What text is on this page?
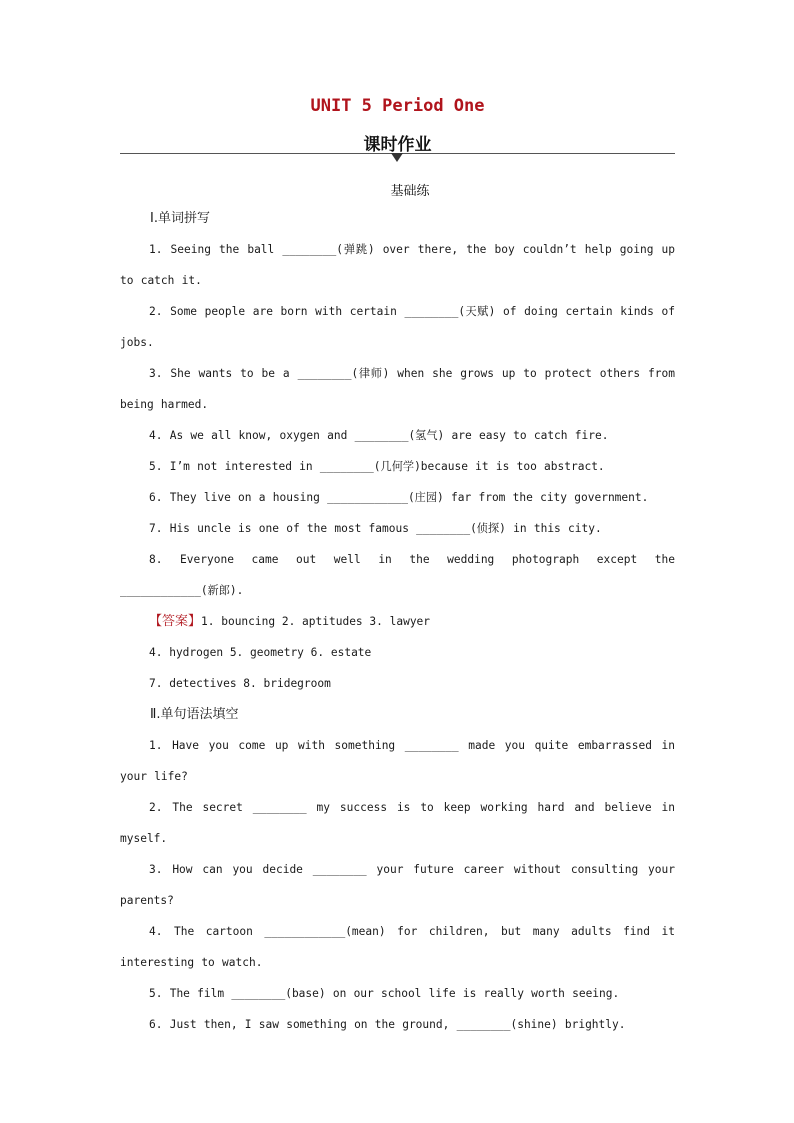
UNIT 5 Period One
课时作业
基础练
Ⅰ.单词拼写
1. Seeing the ball ________(弹跳) over there, the boy couldn’t help going up to catch it.
2. Some people are born with certain ________(天赋) of doing certain kinds of jobs.
3. She wants to be a ________(律师) when she grows up to protect others from being harmed.
4. As we all know, oxygen and ________(氢气) are easy to catch fire.
5. I’m not interested in ________(几何学)because it is too abstract.
6. They live on a housing ____________(庄园) far from the city government.
7. His uncle is one of the most famous ________(侦探) in this city.
8. Everyone came out well in the wedding photograph except the ____________(新郎).
【答案】1. bouncing 2. aptitudes 3. lawyer
4. hydrogen 5. geometry 6. estate
7. detectives 8. bridegroom
Ⅱ.单句语法填空
1. Have you come up with something ________ made you quite embarrassed in your life?
2. The secret ________ my success is to keep working hard and believe in myself.
3. How can you decide ________ your future career without consulting your parents?
4. The cartoon ____________(mean) for children, but many adults find it interesting to watch.
5. The film ________(base) on our school life is really worth seeing.
6. Just then, I saw something on the ground, ________(shine) brightly.
